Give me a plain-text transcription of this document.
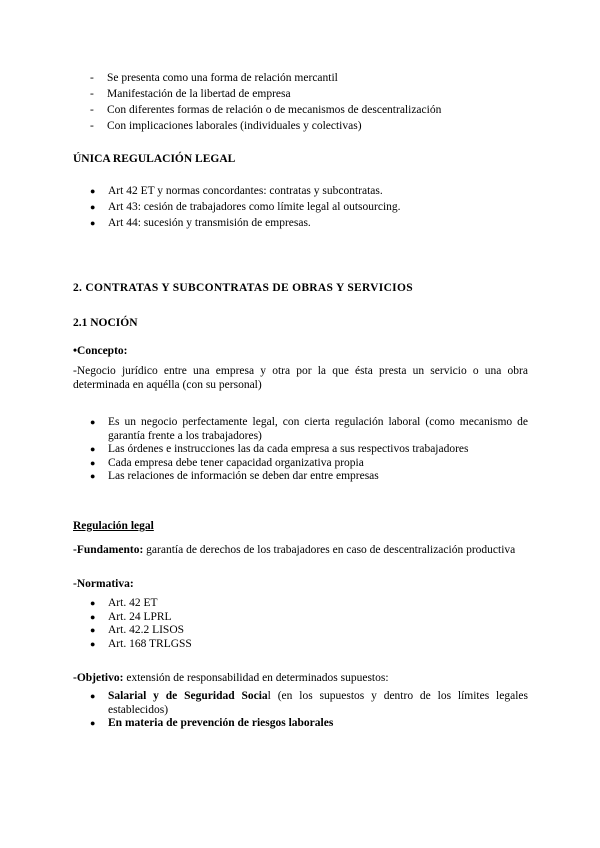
- Se presenta como una forma de relación mercantil
- Manifestación de la libertad de empresa
- Con diferentes formas de relación o de mecanismos de descentralización
- Con implicaciones laborales (individuales y colectivas)
ÚNICA REGULACIÓN LEGAL
● Art 42 ET y normas concordantes: contratas y subcontratas.
● Art 43: cesión de trabajadores como límite legal al outsourcing.
● Art 44: sucesión y transmisión de empresas.
2. CONTRATAS Y SUBCONTRATAS DE OBRAS Y SERVICIOS
2.1 NOCIÓN
•Concepto:
-Negocio jurídico entre una empresa y otra por la que ésta presta un servicio o una obra determinada en aquélla (con su personal)
● Es un negocio perfectamente legal, con cierta regulación laboral (como mecanismo de garantía frente a los trabajadores)
● Las órdenes e instrucciones las da cada empresa a sus respectivos trabajadores
● Cada empresa debe tener capacidad organizativa propia
● Las relaciones de información se deben dar entre empresas
Regulación legal
-Fundamento: garantía de derechos de los trabajadores en caso de descentralización productiva
-Normativa:
● Art. 42 ET
● Art. 24 LPRL
● Art. 42.2 LISOS
● Art. 168 TRLGSS
-Objetivo: extensión de responsabilidad en determinados supuestos:
● Salarial y de Seguridad Social (en los supuestos y dentro de los límites legales establecidos)
● En materia de prevención de riesgos laborales
